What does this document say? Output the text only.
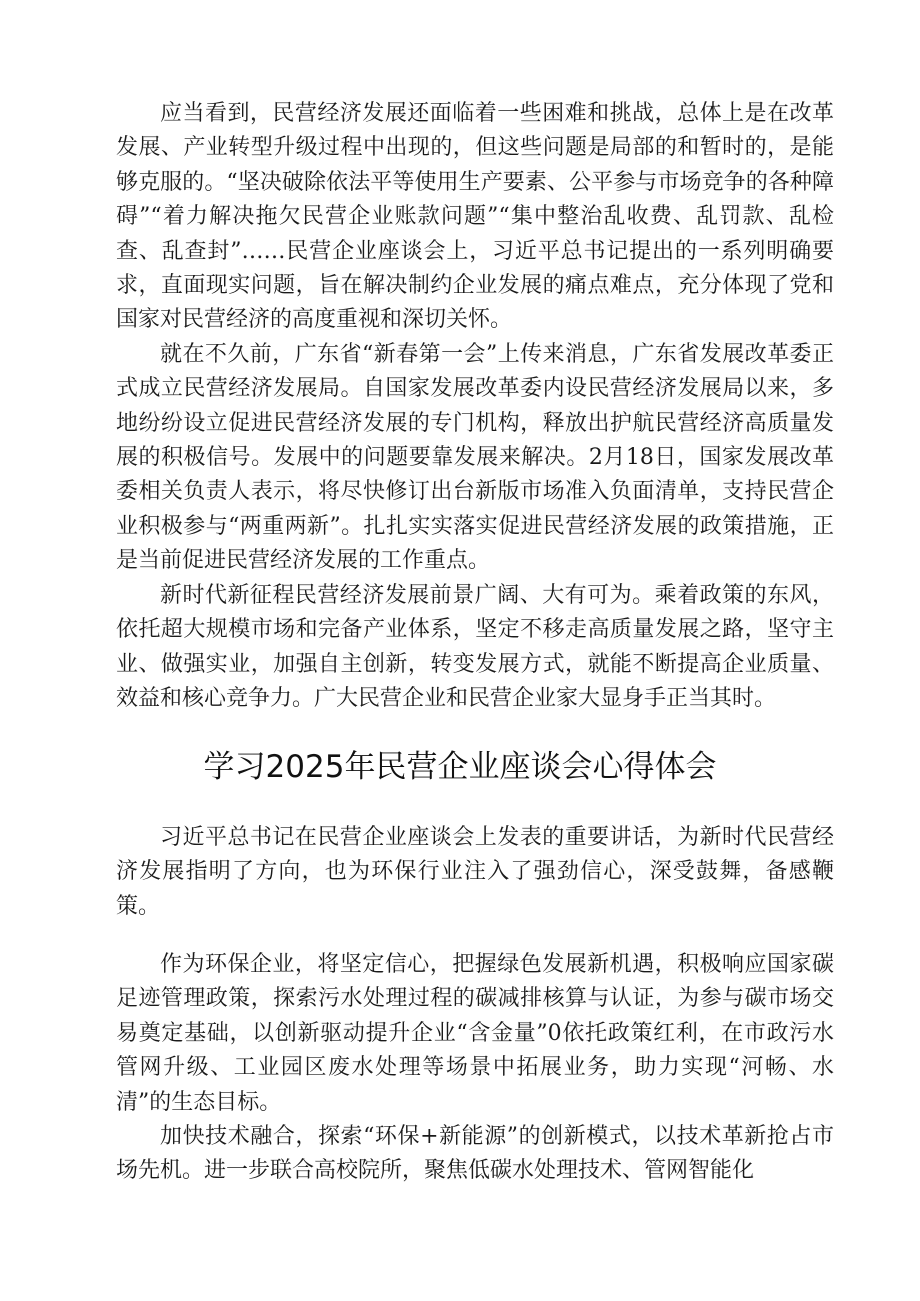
应当看到，民营经济发展还面临着一些困难和挑战，总体上是在改革发展、产业转型升级过程中出现的，但这些问题是局部的和暂时的，是能够克服的。“坚决破除依法平等使用生产要素、公平参与市场竞争的各种障碍”“着力解决拖欠民营企业账款问题”“集中整治乱收费、乱罚款、乱检查、乱查封”……民营企业座谈会上，习近平总书记提出的一系列明确要求，直面现实问题，旨在解决制约企业发展的痛点难点，充分体现了党和国家对民营经济的高度重视和深切关怀。

就在不久前，广东省“新春第一会”上传来消息，广东省发展改革委正式成立民营经济发展局。自国家发展改革委内设民营经济发展局以来，多地纷纷设立促进民营经济发展的专门机构，释放出护航民营经济高质量发展的积极信号。发展中的问题要靠发展来解决。2月18日，国家发展改革委相关负责人表示，将尽快修订出台新版市场准入负面清单，支持民营企业积极参与“两重两新”。扎扎实实落实促进民营经济发展的政策措施，正是当前促进民营经济发展的工作重点。

新时代新征程民营经济发展前景广阔、大有可为。乘着政策的东风，依托超大规模市场和完备产业体系，坚定不移走高质量发展之路，坚守主业、做强实业，加强自主创新，转变发展方式，就能不断提高企业质量、效益和核心竞争力。广大民营企业和民营企业家大显身手正当其时。

学习2025年民营企业座谈会心得体会

习近平总书记在民营企业座谈会上发表的重要讲话，为新时代民营经济发展指明了方向，也为环保行业注入了强劲信心，深受鼓舞，备感鞭策。

作为环保企业，将坚定信心，把握绿色发展新机遇，积极响应国家碳足迹管理政策，探索污水处理过程的碳减排核算与认证，为参与碳市场交易奠定基础，以创新驱动提升企业“含金量”0依托政策红利，在市政污水管网升级、工业园区废水处理等场景中拓展业务，助力实现“河畅、水清”的生态目标。

加快技术融合，探索“环保+新能源”的创新模式，以技术革新抢占市场先机。进一步联合高校院所，聚焦低碳水处理技术、管网智能化
